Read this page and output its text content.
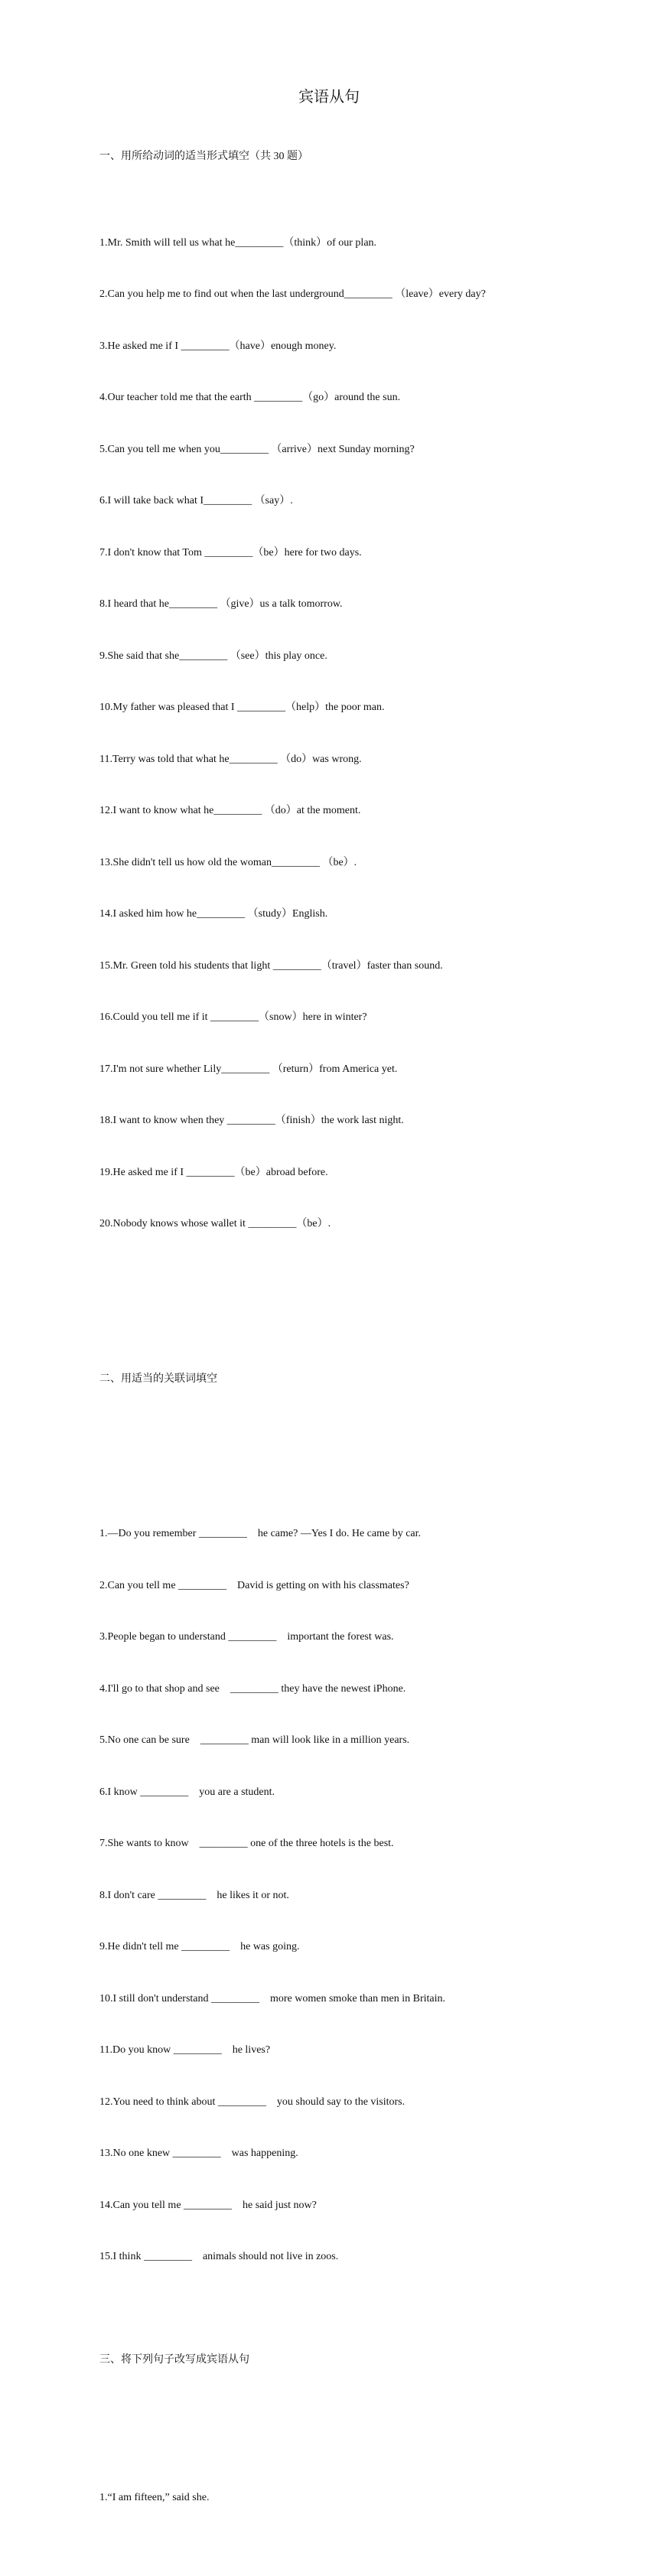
宾语从句

一、用所给动词的适当形式填空（共 30 题）

1.Mr. Smith will tell us what he_________（think）of our plan.

2.Can you help me to find out when the last underground_________ （leave）every day?

3.He asked me if I _________（have）enough money.

4.Our teacher told me that the earth _________（go）around the sun.

5.Can you tell me when you_________ （arrive）next Sunday morning?

6.I will take back what I_________ （say）.

7.I don't know that Tom _________（be）here for two days.

8.I heard that he_________ （give）us a talk tomorrow.

9.She said that she_________ （see）this play once.

10.My father was pleased that I _________（help）the poor man.

11.Terry was told that what he_________ （do）was wrong.

12.I want to know what he_________ （do）at the moment.

13.She didn't tell us how old the woman_________ （be）.

14.I asked him how he_________ （study）English.

15.Mr. Green told his students that light _________（travel）faster than sound.

16.Could you tell me if it _________（snow）here in winter?

17.I'm not sure whether Lily_________ （return）from America yet.

18.I want to know when they _________（finish）the work last night.

19.He asked me if I _________（be）abroad before.

20.Nobody knows whose wallet it _________（be）.

二、用适当的关联词填空

1.—Do you remember _________    he came? —Yes I do. He came by car.

2.Can you tell me _________    David is getting on with his classmates?

3.People began to understand _________    important the forest was.

4.I'll go to that shop and see    _________ they have the newest iPhone.

5.No one can be sure    _________ man will look like in a million years.

6.I know _________    you are a student.

7.She wants to know    _________ one of the three hotels is the best.

8.I don't care _________    he likes it or not.

9.He didn't tell me _________    he was going.

10.I still don't understand _________    more women smoke than men in Britain.

11.Do you know _________    he lives?

12.You need to think about _________    you should say to the visitors.

13.No one knew _________    was happening.

14.Can you tell me _________    he said just now?

15.I think _________    animals should not live in zoos.

三、将下列句子改写成宾语从句

1.“I am fifteen,” said she.
